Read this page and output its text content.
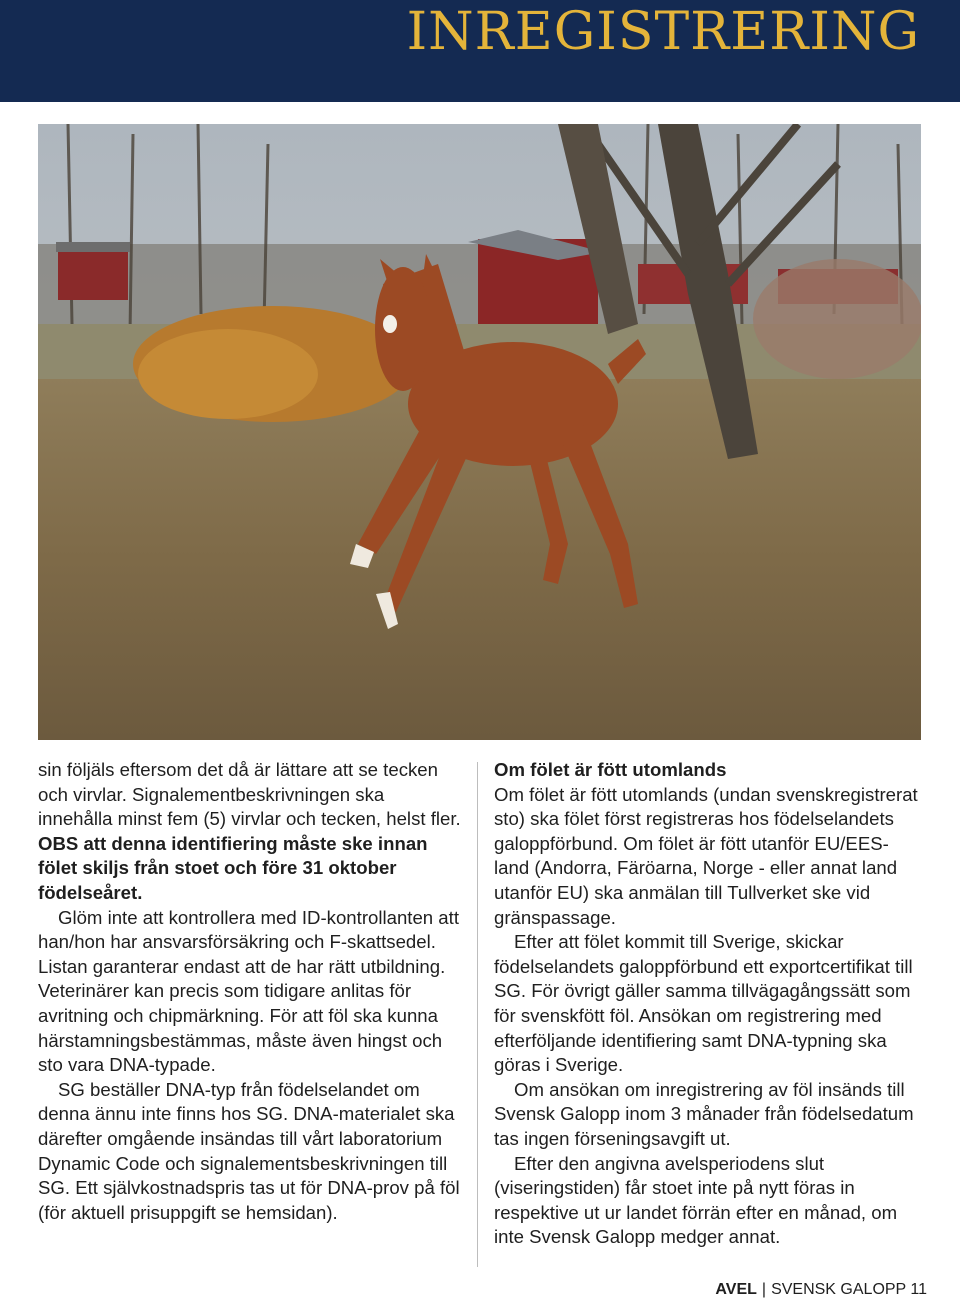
INREGISTRERING

sin följäls eftersom det då är lättare att se tecken och virvlar. Signalementbeskrivningen ska innehålla minst fem (5) virvlar och tecken, helst fler. OBS att denna identifiering måste ske innan fölet skiljs från stoet och före 31 oktober födelseåret.

Glöm inte att kontrollera med ID-kontrollanten att han/hon har ansvarsförsäkring och F-skattsedel. Listan garanterar endast att de har rätt utbildning. Veterinärer kan precis som tidigare anlitas för avritning och chipmärkning. För att föl ska kunna härstamningsbestämmas, måste även hingst och sto vara DNA-typade.

SG beställer DNA-typ från födelselandet om denna ännu inte finns hos SG. DNA-materialet ska därefter omgående insändas till vårt laboratorium Dynamic Code och signalementsbeskrivningen till SG. Ett självkostnadspris tas ut för DNA-prov på föl (för aktuell prisuppgift se hemsidan).

Om fölet är fött utomlands

Om fölet är fött utomlands (undan svenskregistrerat sto) ska fölet först registreras hos födelselandets galoppförbund. Om fölet är fött utanför EU/EES-land (Andorra, Färöarna, Norge - eller annat land utanför EU) ska anmälan till Tullverket ske vid gränspassage.

Efter att fölet kommit till Sverige, skickar födelselandets galoppförbund ett exportcertifikat till SG. För övrigt gäller samma tillvägagångssätt som för svenskfött föl. Ansökan om registrering med efterföljande identifiering samt DNA-typning ska göras i Sverige.

Om ansökan om inregistrering av föl insänds till Svensk Galopp inom 3 månader från födelsedatum tas ingen förseningsavgift ut.

Efter den angivna avelsperiodens slut (viseringstiden) får stoet inte på nytt föras in respektive ut ur landet förrän efter en månad, om inte Svensk Galopp medger annat.

AVEL | SVENSK GALOPP 11
